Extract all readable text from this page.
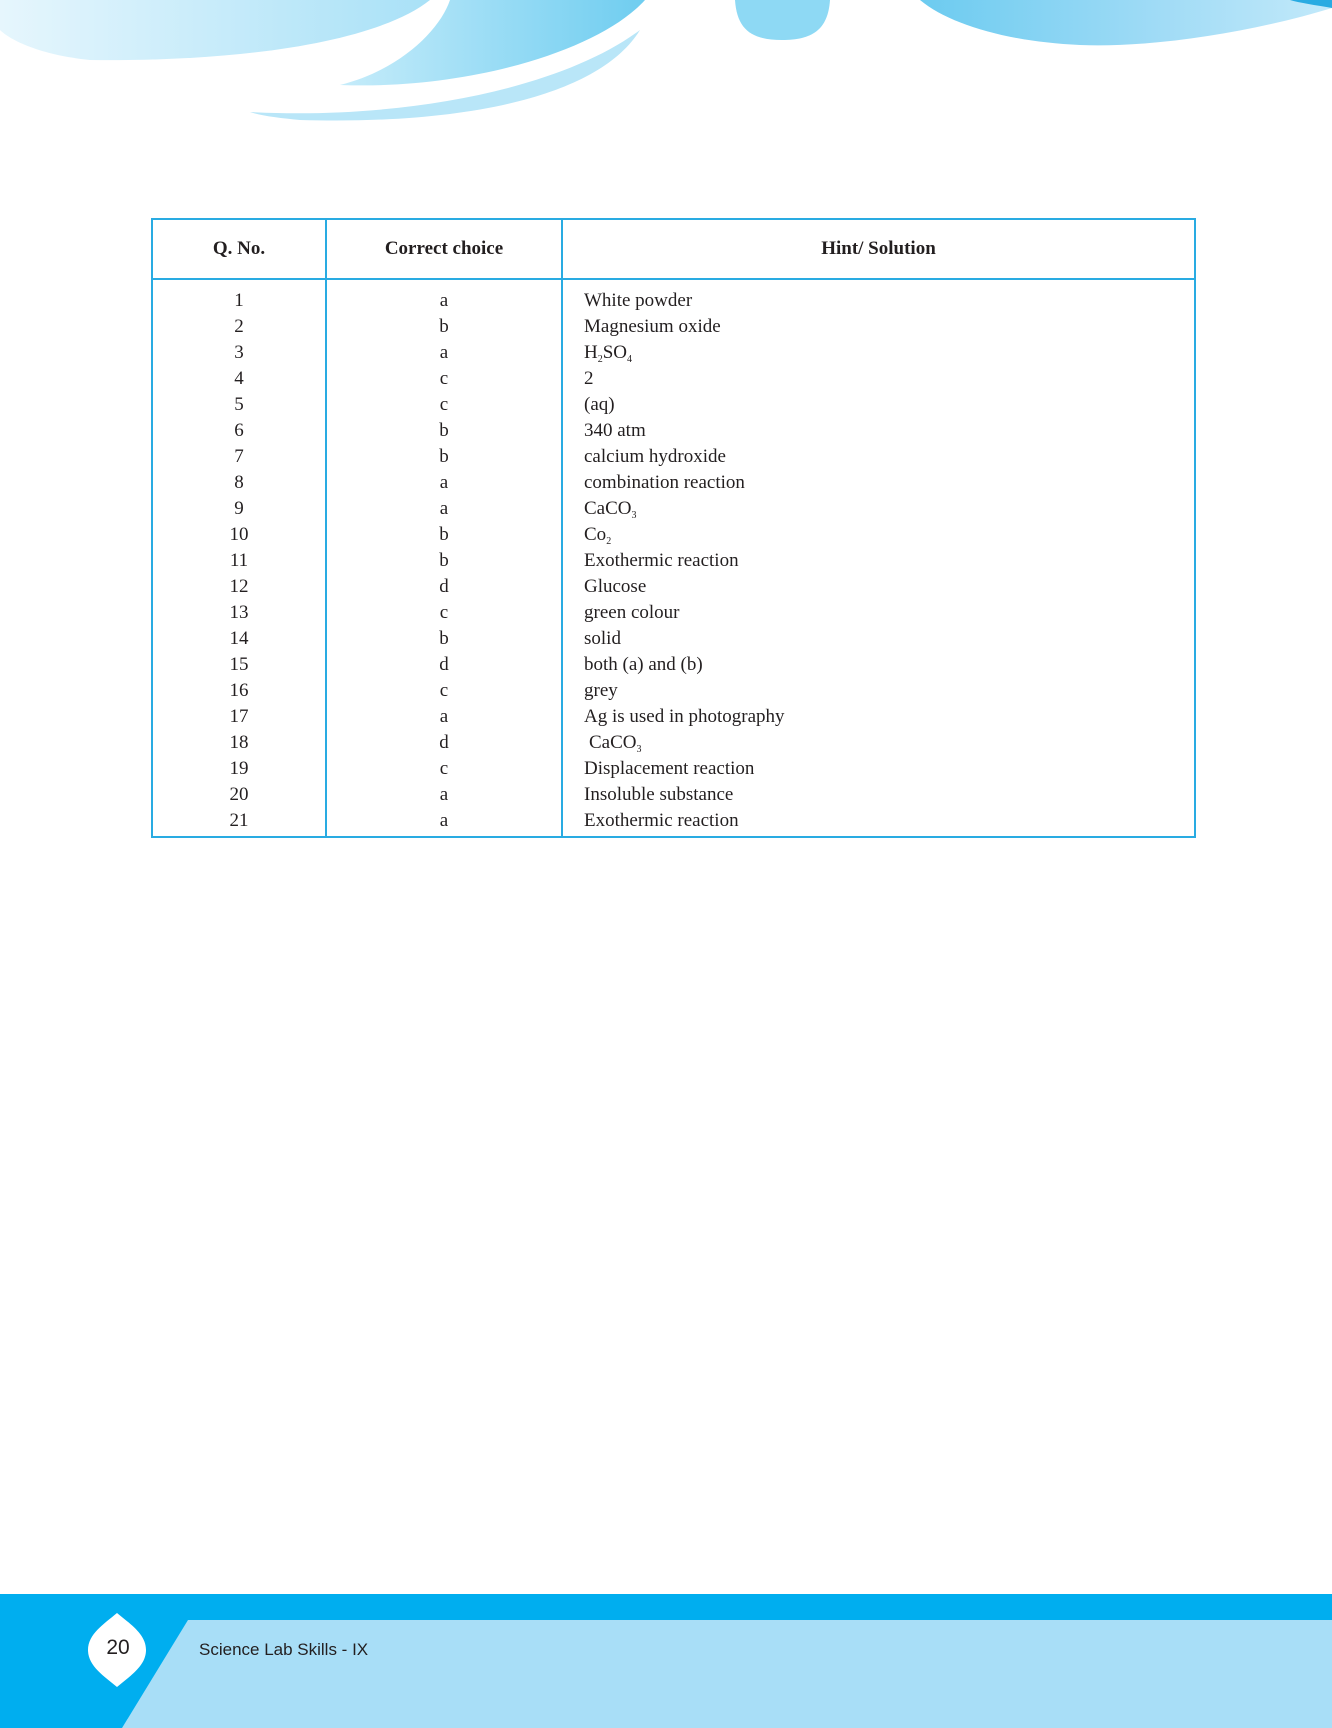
Q. No.	Correct choice	Hint/ Solution
1	a	White powder
2	b	Magnesium oxide
3	a	$H_2SO_4$
4	c	2
5	c	(aq)
6	b	340 atm
7	b	calcium hydroxide
8	a	combination reaction
9	a	CaCO$_3$
10	b	$Co_2$
11	b	Exothermic reaction
12	d	Glucose
13	c	green colour
14	b	solid
15	d	both (a) and (b)
16	c	grey
17	a	Ag is used in photography
18	d	CaCO$_3$
19	c	Displacement reaction
20	a	Insoluble substance
21	a	Exothermic reaction
20	Science Lab Skills - IX
